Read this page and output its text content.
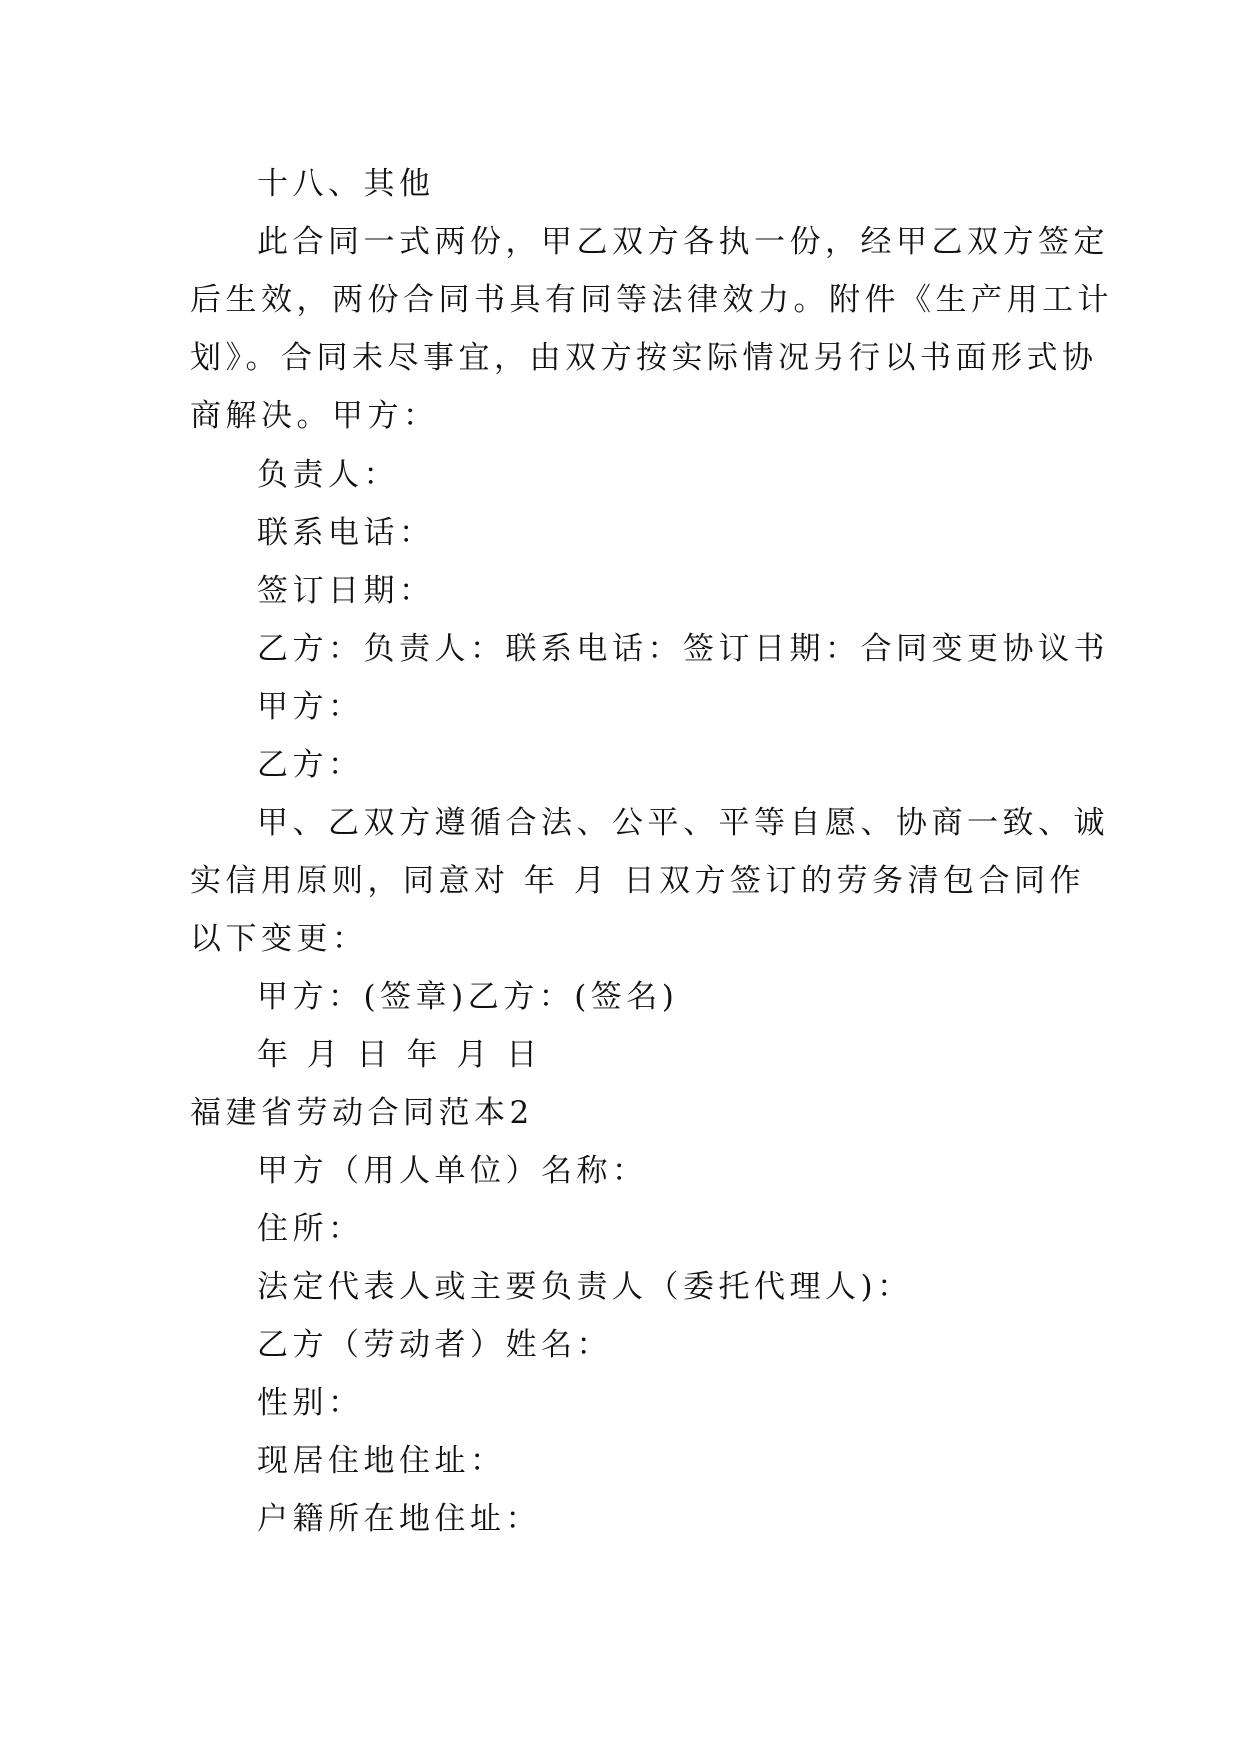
十八、其他
此合同一式两份，甲乙双方各执一份，经甲乙双方签定
后生效，两份合同书具有同等法律效力。附件《生产用工计
划》。合同未尽事宜，由双方按实际情况另行以书面形式协
商解决。甲方：
负责人：
联系电话：
签订日期：
乙方：负责人：联系电话：签订日期：合同变更协议书
甲方：
乙方：
甲、乙双方遵循合法、公平、平等自愿、协商一致、诚
实信用原则，同意对 年 月 日双方签订的劳务清包合同作
以下变更：
甲方：(签章)乙方：(签名)
年 月 日 年 月 日
福建省劳动合同范本2
甲方（用人单位）名称：
住所：
法定代表人或主要负责人（委托代理人)：
乙方（劳动者）姓名：
性别：
现居住地住址：
户籍所在地住址：
